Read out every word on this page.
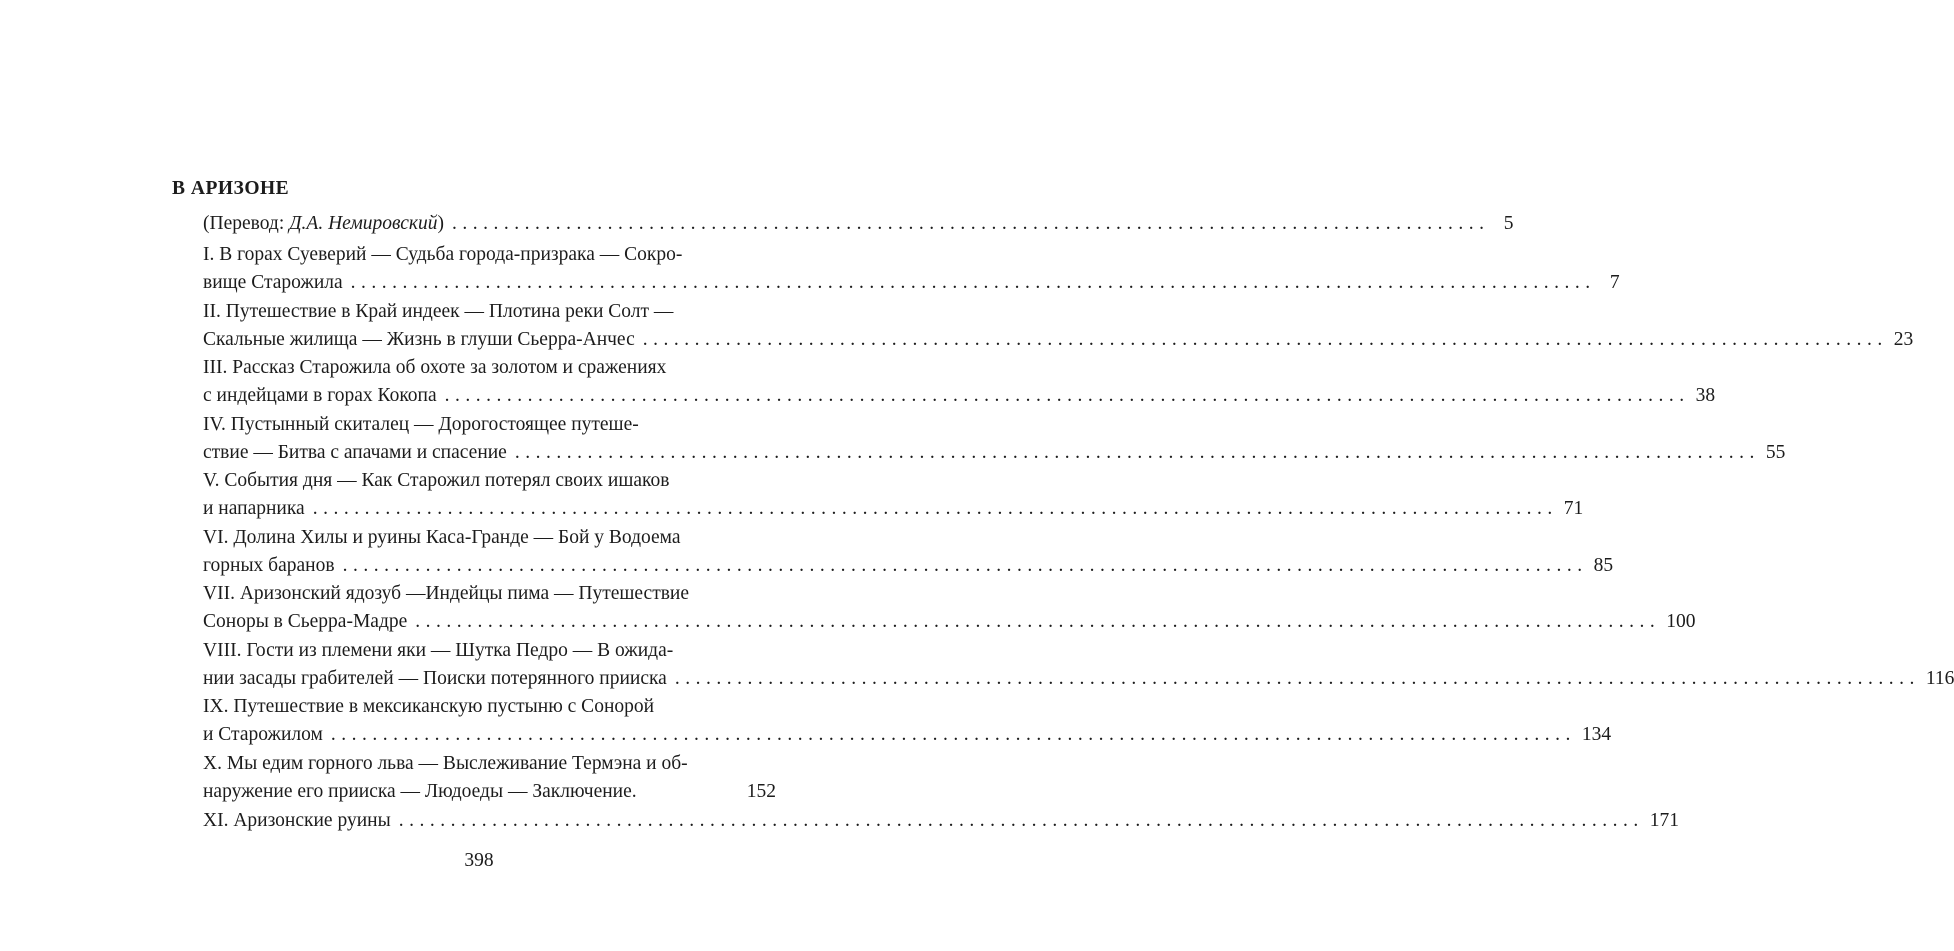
В АРИЗОНЕ
(Перевод: Д.А. Немировский) .................................................................................................... 5
I. В горах Суеверий — Судьба города-призрака — Сокро-
вище Старожила ........................................................................................................................ 7
II. Путешествие в Край индеек — Плотина реки Солт —
Скальные жилища — Жизнь в глуши Сьерра-Анчес ........................................................................................................................ 23
III. Рассказ Старожила об охоте за золотом и сражениях
с индейцами в горах Кокопа ........................................................................................................................ 38
IV. Пустынный скиталец — Дорогостоящее путеше-
ствие — Битва с апачами и спасение ........................................................................................................................ 55
V. События дня — Как Старожил потерял своих ишаков
и напарника ........................................................................................................................ 71
VI. Долина Хилы и руины Каса-Гранде — Бой у Водоема
горных баранов ........................................................................................................................ 85
VII. Аризонский ядозуб —Индейцы пима — Путешествие
Соноры в Сьерра-Мадре ........................................................................................................................ 100
VIII. Гости из племени яки — Шутка Педро — В ожида-
нии засады грабителей — Поиски потерянного прииска ........................................................................................................................ 116
IX. Путешествие в мексиканскую пустыню с Сонорой
и Старожилом ........................................................................................................................ 134
X. Мы едим горного льва — Выслеживание Термэна и об-
наружение его прииска — Людоеды — Заключение.	152
XI. Аризонские руины ........................................................................................................................ 171
398
